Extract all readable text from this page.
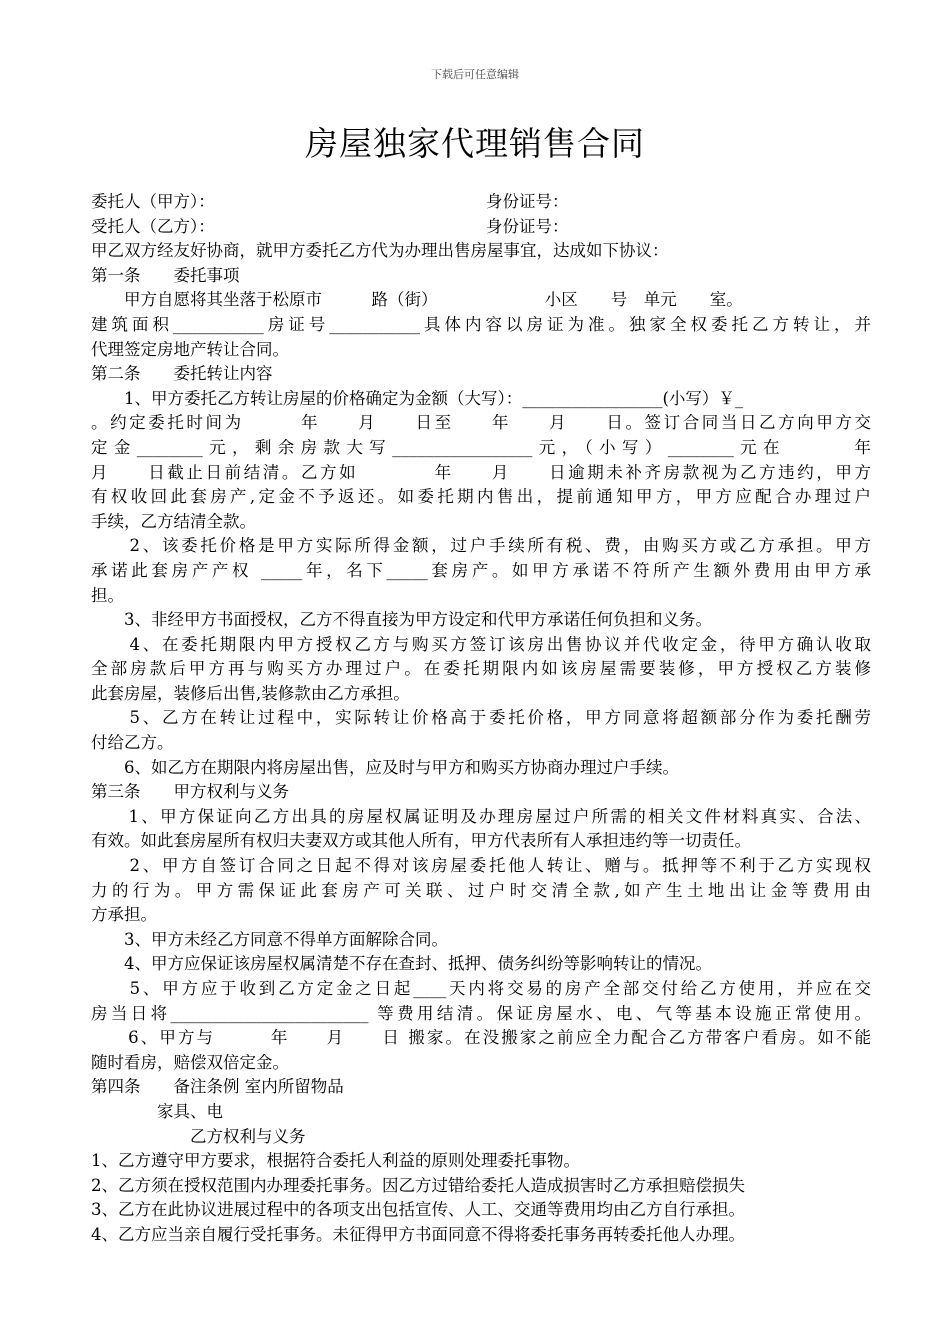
下载后可任意编辑
房屋独家代理销售合同
委托人（甲方）：	身份证号：
受托人（乙方）：	身份证号：
甲乙双方经友好协商，就甲方委托乙方代为办理出售房屋事宜，达成如下协议：
第一条　　委托事项
　　甲方自愿将其坐落于松原市　　　路（街）　　　　　　　小区　　号　单元　　室。
建筑面积___________房证号___________具体内容以房证为准。独家全权委托乙方转让，并
代理签定房地产转让合同。
第二条　　委托转让内容
　　1、甲方委托乙方转让房屋的价格确定为金额（大写）：_________________(小写）￥_
。约定委托时间为　　　年　　月　　日至　　年　　月　　日。签订合同当日乙方向甲方交
定金________元，剩余房款大写_________________元，（小写）________元在　　　年
月　　日截止日前结清。乙方如　　　　年　　月　　日逾期未补齐房款视为乙方违约，甲方
有权收回此套房产,定金不予返还。如委托期内售出，提前通知甲方，甲方应配合办理过户
手续，乙方结清全款。
　　2、该委托价格是甲方实际所得金额，过户手续所有税、费，由购买方或乙方承担。甲方
承诺此套房产产权 _____年，名下_____套房产。如甲方承诺不符所产生额外费用由甲方承
担。
　　3、非经甲方书面授权，乙方不得直接为甲方设定和代甲方承诺任何负担和义务。
　　4、在委托期限内甲方授权乙方与购买方签订该房出售协议并代收定金，待甲方确认收取
全部房款后甲方再与购买方办理过户。在委托期限内如该房屋需要装修，甲方授权乙方装修
此套房屋，装修后出售,装修款由乙方承担。
　　5、乙方在转让过程中，实际转让价格高于委托价格，甲方同意将超额部分作为委托酬劳
付给乙方。
　　6、如乙方在期限内将房屋出售，应及时与甲方和购买方协商办理过户手续。
第三条　　甲方权利与义务
　　1、甲方保证向乙方出具的房屋权属证明及办理房屋过户所需的相关文件材料真实、合法、
有效。如此套房屋所有权归夫妻双方或其他人所有，甲方代表所有人承担违约等一切责任。
　　2、甲方自签订合同之日起不得对该房屋委托他人转让、赠与。抵押等不利于乙方实现权
力的行为。甲方需保证此套房产可关联、过户时交清全款,如产生土地出让金等费用由
方承担。
　　3、甲方未经乙方同意不得单方面解除合同。
　　4、甲方应保证该房屋权属清楚不存在查封、抵押、债务纠纷等影响转让的情况。
　　5、甲方应于收到乙方定金之日起____天内将交易的房产全部交付给乙方使用，并应在交
房当日将________________________ 等费用结清。保证房屋水、电、气等基本设施正常使用。
　　6、甲方与　　　年　　月　　日 搬家。在没搬家之前应全力配合乙方带客户看房。如不能
随时看房，赔偿双倍定金。
第四条　　备注条例 室内所留物品
　　　　家具、电
　　　　　　乙方权利与义务
1、乙方遵守甲方要求，根据符合委托人利益的原则处理委托事物。
2、乙方须在授权范围内办理委托事务。因乙方过错给委托人造成损害时乙方承担赔偿损失
3、乙方在此协议进展过程中的各项支出包括宣传、人工、交通等费用均由乙方自行承担。
4、乙方应当亲自履行受托事务。未征得甲方书面同意不得将委托事务再转委托他人办理。
